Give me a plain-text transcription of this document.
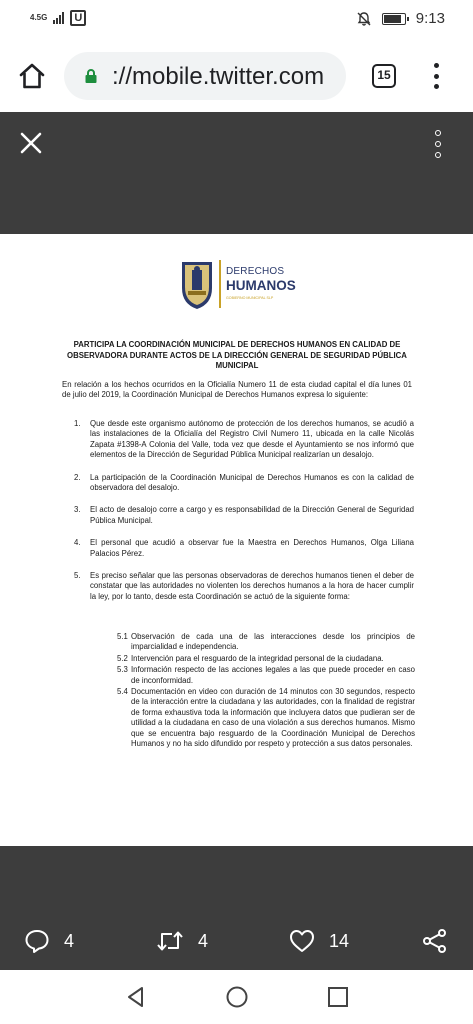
4.5G	U	9:13
://mobile.twitter.com	15
DERECHOS
HUMANOS
GOBIERNO MUNICIPAL SLP
PARTICIPA LA COORDINACIÓN MUNICIPAL DE DERECHOS HUMANOS EN CALIDAD DE OBSERVADORA DURANTE ACTOS DE LA DIRECCIÓN GENERAL DE SEGURIDAD PÚBLICA MUNICIPAL
En relación a los hechos ocurridos en la Oficialía Numero 11 de esta ciudad capital el día lunes 01 de julio del 2019, la Coordinación Municipal de Derechos Humanos expresa lo siguiente:
1. Que desde este organismo autónomo de protección de los derechos humanos, se acudió a las instalaciones de la Oficialía del Registro Civil Numero 11, ubicada en la calle Nicolás Zapata #1398-A Colonia del Valle, toda vez que desde el Ayuntamiento se nos informó que elementos de la Dirección de Seguridad Pública Municipal realizarían un desalojo.
2. La participación de la Coordinación Municipal de Derechos Humanos es con la calidad de observadora del desalojo.
3. El acto de desalojo corre a cargo y es responsabilidad de la Dirección General de Seguridad Pública Municipal.
4. El personal que acudió a observar fue la Maestra en Derechos Humanos, Olga Liliana Palacios Pérez.
5. Es preciso señalar que las personas observadoras de derechos humanos tienen el deber de constatar que las autoridades no violenten los derechos humanos a la hora de hacer cumplir la ley, por lo tanto, desde esta Coordinación se actuó de la siguiente forma:
5.1 Observación de cada una de las interacciones desde los principios de imparcialidad e independencia.
5.2 Intervención para el resguardo de la integridad personal de la ciudadana.
5.3 Información respecto de las acciones legales a las que puede proceder en caso de inconformidad.
5.4 Documentación en video con duración de 14 minutos con 30 segundos, respecto de la interacción entre la ciudadana y las autoridades, con la finalidad de registrar de forma exhaustiva toda la información que incluyera datos que pudieran ser de utilidad a la ciudadana en caso de una violación a sus derechos humanos. Mismo que se encuentra bajo resguardo de la Coordinación Municipal de Derechos Humanos y no ha sido difundido por respeto y protección a sus datos personales.
4	4	14
